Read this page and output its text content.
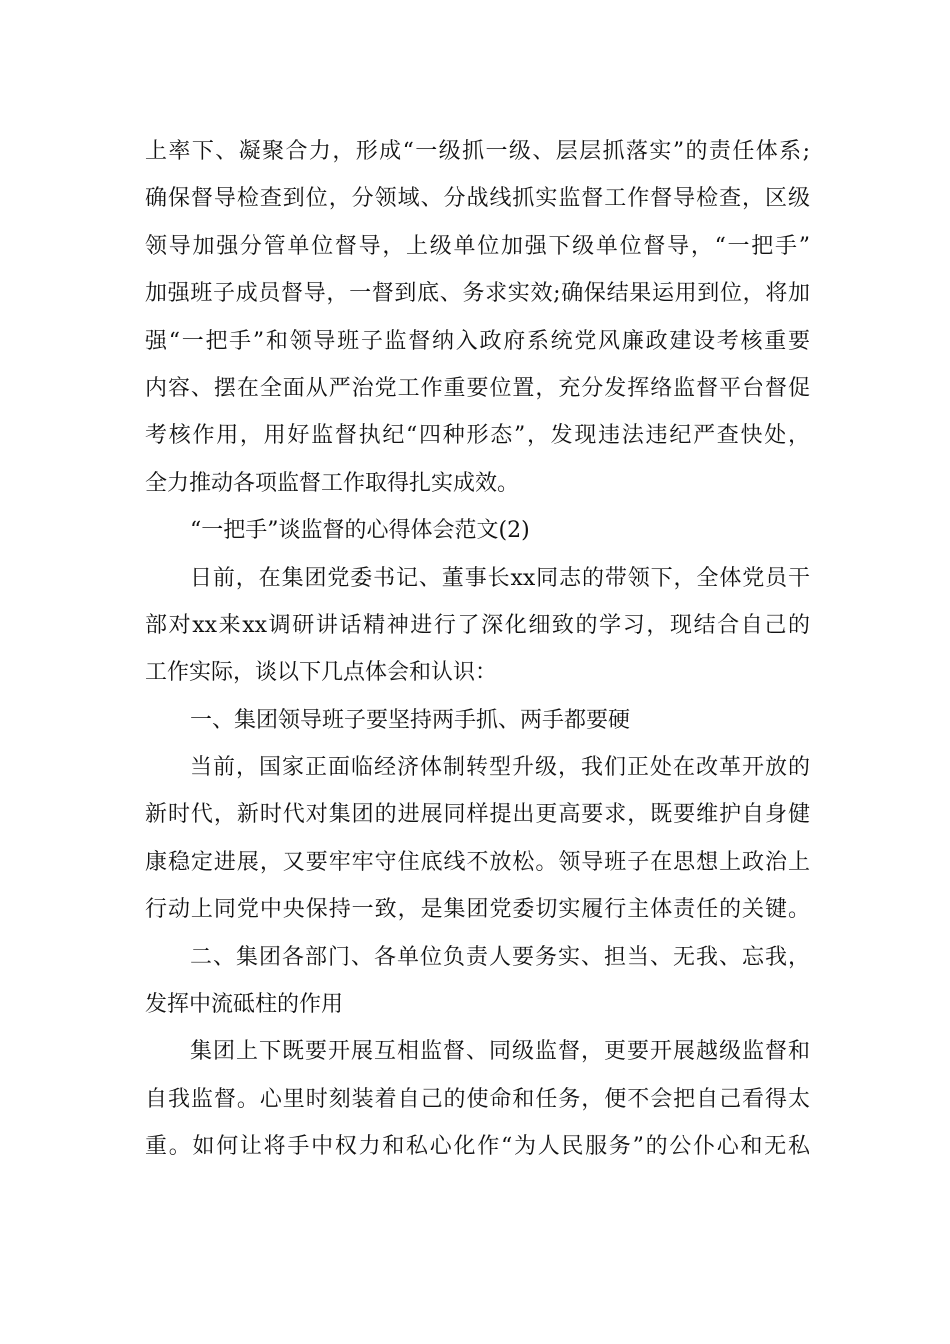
上率下、凝聚合力，形成“一级抓一级、层层抓落实”的责任体系;
确保督导检查到位，分领域、分战线抓实监督工作督导检查，区级
领导加强分管单位督导，上级单位加强下级单位督导，“一把手”
加强班子成员督导，一督到底、务求实效;确保结果运用到位，将加
强“一把手”和领导班子监督纳入政府系统党风廉政建设考核重要
内容、摆在全面从严治党工作重要位置，充分发挥络监督平台督促
考核作用，用好监督执纪“四种形态”，发现违法违纪严查快处，
全力推动各项监督工作取得扎实成效。
“一把手”谈监督的心得体会范文(2)
日前，在集团党委书记、董事长xx同志的带领下，全体党员干
部对xx来xx调研讲话精神进行了深化细致的学习，现结合自己的
工作实际，谈以下几点体会和认识：
一、集团领导班子要坚持两手抓、两手都要硬
当前，国家正面临经济体制转型升级，我们正处在改革开放的
新时代，新时代对集团的进展同样提出更高要求，既要维护自身健
康稳定进展，又要牢牢守住底线不放松。领导班子在思想上政治上
行动上同党中央保持一致，是集团党委切实履行主体责任的关键。
二、集团各部门、各单位负责人要务实、担当、无我、忘我，
发挥中流砥柱的作用
集团上下既要开展互相监督、同级监督，更要开展越级监督和
自我监督。心里时刻装着自己的使命和任务，便不会把自己看得太
重。如何让将手中权力和私心化作“为人民服务”的公仆心和无私
